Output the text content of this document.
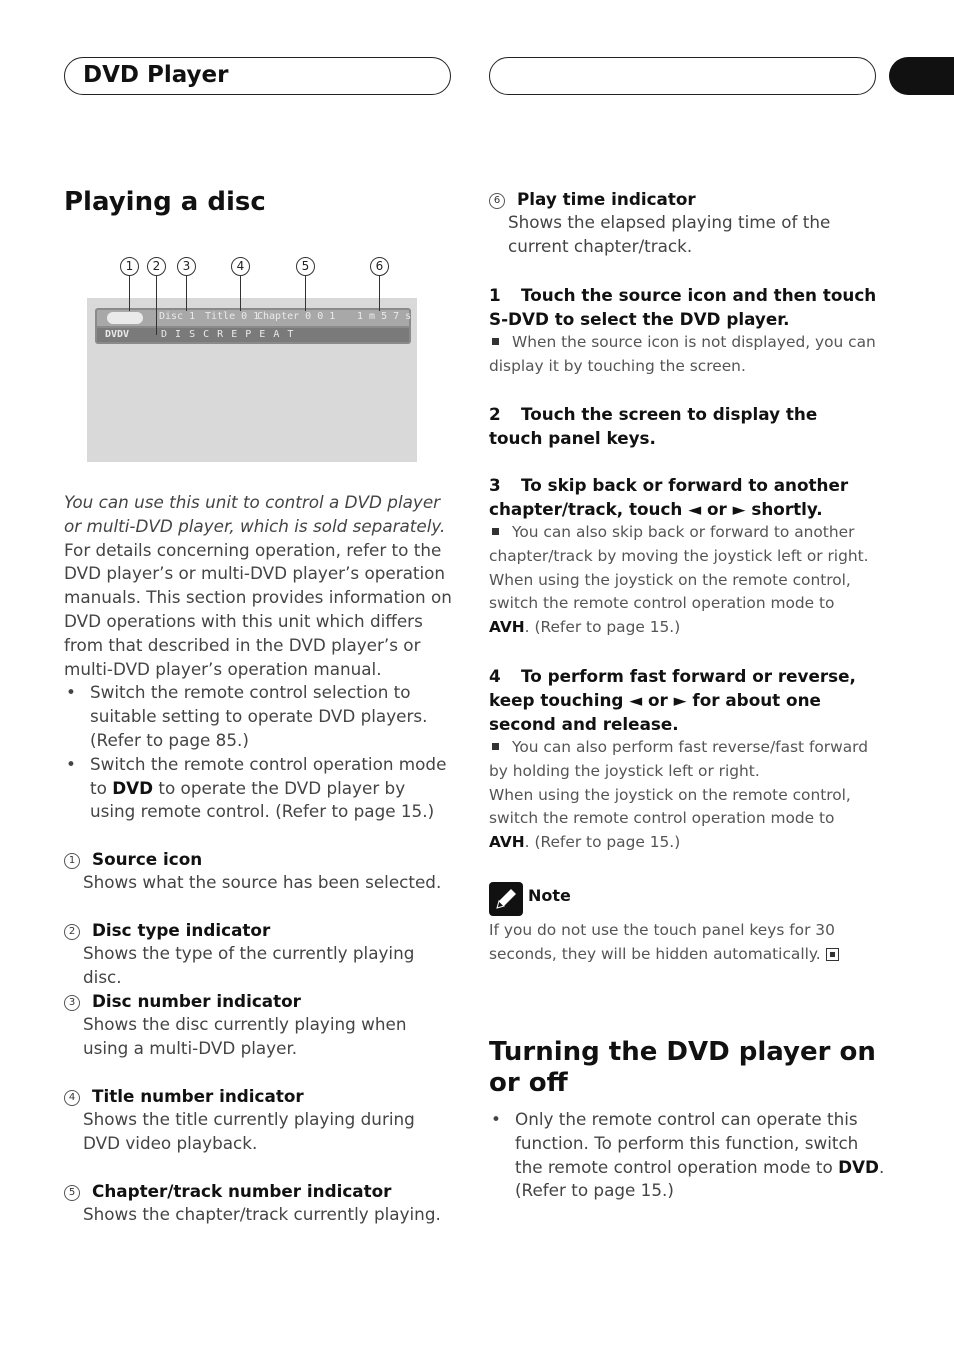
DVD Player
Playing a disc
1	2	3	4	5	6
Disc 1 Title 0 1
Chapter 0 0 1 1 m 5 7 s
DVDV	D I S C R E P E A T
You can use this unit to control a DVD player or multi-DVD player, which is sold separately.
For details concerning operation, refer to the DVD player’s or multi-DVD player’s operation manuals. This section provides information on DVD operations with this unit which differs from that described in the DVD player’s or multi-DVD player’s operation manual.
• Switch the remote control selection to suitable setting to operate DVD players. (Refer to page 85.)
• Switch the remote control operation mode to DVD to operate the DVD player by using remote control. (Refer to page 15.)
1 Source icon
Shows what the source has been selected.
2 Disc type indicator
Shows the type of the currently playing disc.
3 Disc number indicator
Shows the disc currently playing when using a multi-DVD player.
4 Title number indicator
Shows the title currently playing during DVD video playback.
5 Chapter/track number indicator
Shows the chapter/track currently playing.
6 Play time indicator
Shows the elapsed playing time of the current chapter/track.
1 Touch the source icon and then touch S-DVD to select the DVD player.
When the source icon is not displayed, you can display it by touching the screen.
2 Touch the screen to display the touch panel keys.
3 To skip back or forward to another chapter/track, touch ◄ or ► shortly.
You can also skip back or forward to another chapter/track by moving the joystick left or right.
When using the joystick on the remote control, switch the remote control operation mode to AVH. (Refer to page 15.)
4 To perform fast forward or reverse, keep touching ◄ or ► for about one second and release.
You can also perform fast reverse/fast forward by holding the joystick left or right.
When using the joystick on the remote control, switch the remote control operation mode to AVH. (Refer to page 15.)
Note
If you do not use the touch panel keys for 30 seconds, they will be hidden automatically.
Turning the DVD player on or off
• Only the remote control can operate this function. To perform this function, switch the remote control operation mode to DVD. (Refer to page 15.)
